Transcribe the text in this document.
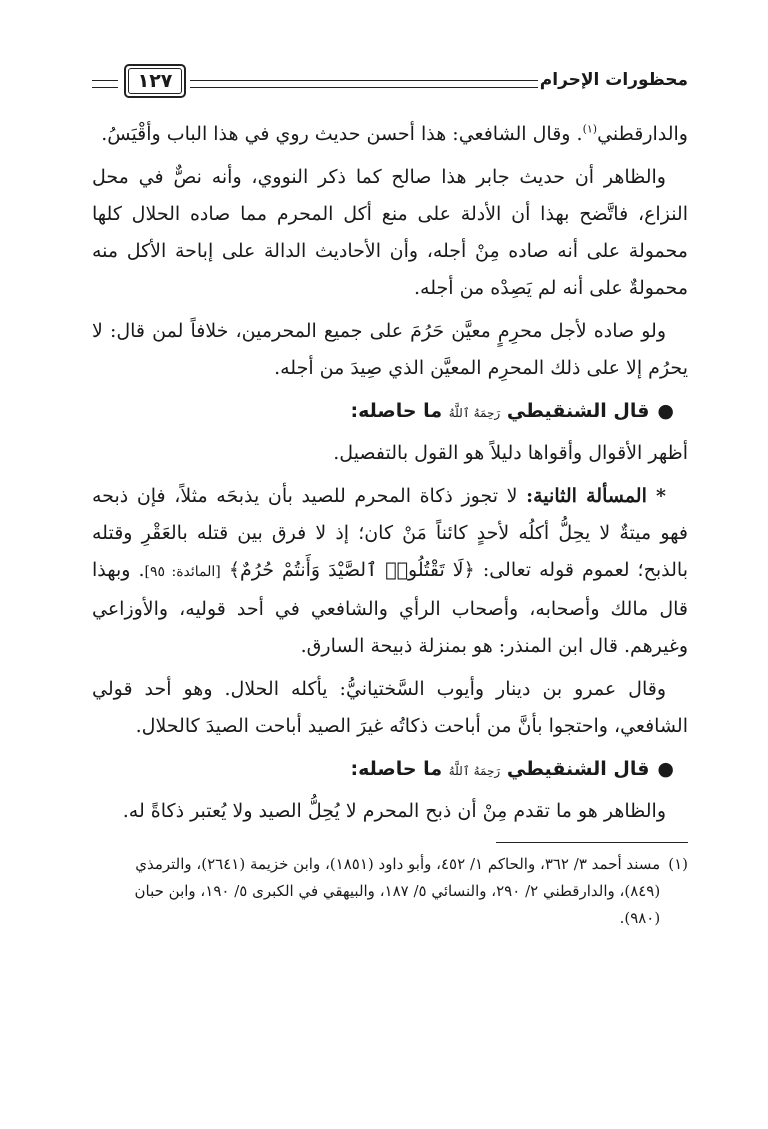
محظورات الإحرام
١٢٧

والدارقطني$^{(١)}$. وقال الشافعي: هذا أحسن حديث روي في هذا الباب وأقْيَسُ.

والظاهر أن حديث جابر هذا صالح كما ذكر النووي، وأنه نصٌّ في محل النزاع، فاتَّضح بهذا أن الأدلة على منع أكل المحرم مما صاده الحلال كلها محمولة على أنه صاده مِنْ أجله، وأن الأحاديث الدالة على إباحة الأكل منه محمولةٌ على أنه لم يَصِدْه من أجله.

ولو صاده لأجل محرِمٍ معيَّن حَرُمَ على جميع المحرمين، خلافاً لمن قال: لا يحرُم إلا على ذلك المحرِم المعيَّن الذي صِيدَ من أجله.

●قال الشنقيطي رَحِمَهُ ٱللَّهُ ما حاصله:

أظهر الأقوال وأقواها دليلاً هو القول بالتفصيل.

* المسألة الثانية: لا تجوز ذكاة المحرم للصيد بأن يذبحَه مثلاً، فإن ذبحه فهو ميتةٌ لا يحِلُّ أكلُه لأحدٍ كائناً مَنْ كان؛ إذ لا فرق بين قتله بالعَقْرِ وقتله بالذبح؛ لعموم قوله تعالى: ﴿لَا تَقْتُلُوا۟ ٱلصَّيْدَ وَأَنتُمْ حُرُمٌ﴾ [المائدة: ٩٥]. وبهذا قال مالك وأصحابه، وأصحاب الرأي والشافعي في أحد قوليه، والأوزاعي وغيرهم. قال ابن المنذر: هو بمنزلة ذبيحة السارق.

وقال عمرو بن دينار وأيوب السَّختيانيُّ: يأكله الحلال. وهو أحد قولي الشافعي، واحتجوا بأنَّ من أباحت ذكاتُه غيرَ الصيد أباحت الصيدَ كالحلال.

●قال الشنقيطي رَحِمَهُ ٱللَّهُ ما حاصله:

والظاهر هو ما تقدم مِنْ أن ذبح المحرم لا يُحِلُّ الصيد ولا يُعتبر ذكاةً له.

(١)
مسند أحمد ٣/ ٣٦٢، والحاكم ١/ ٤٥٢، وأبو داود (١٨٥١)، وابن خزيمة (٢٦٤١)، والترمذي (٨٤٩)، والدارقطني ٢/ ٢٩٠، والنسائي ٥/ ١٨٧، والبيهقي في الكبرى ٥/ ١٩٠، وابن حبان (٩٨٠).
